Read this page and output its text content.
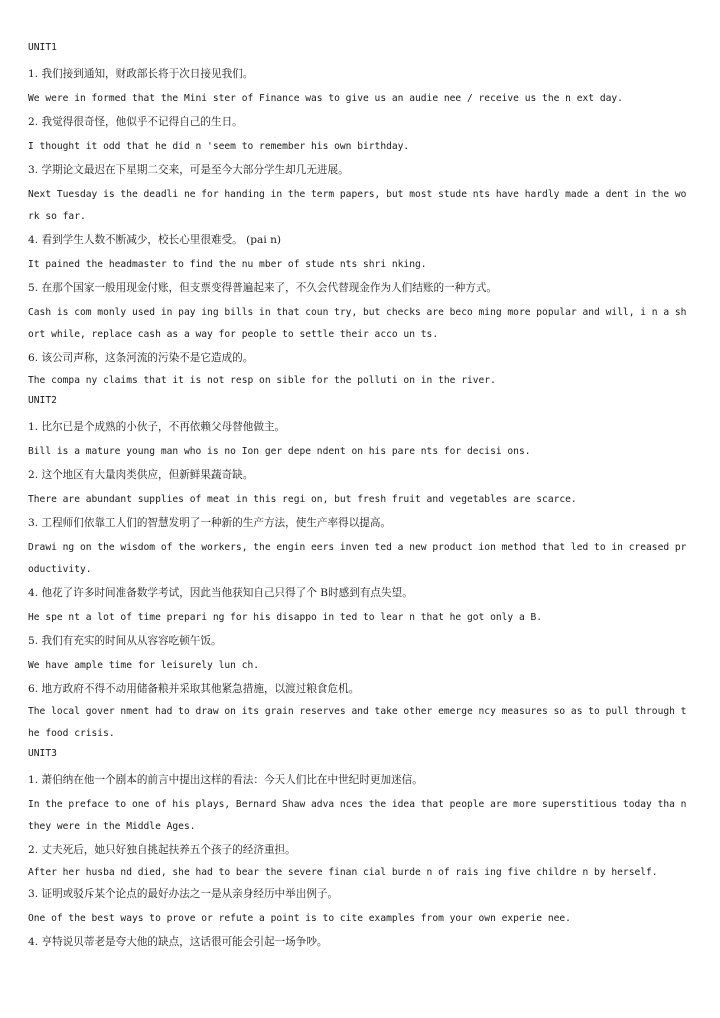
UNIT1
1. 我们接到通知，财政部长将于次日接见我们。
We were in formed that the Mini ster of Finance was to give us an audie nee / receive us the n ext day.
2. 我觉得很奇怪，他似乎不记得自己的生日。
I thought it odd that he did n 'seem to remember his own birthday.
3. 学期论文最迟在下星期二交来，可是至今大部分学生却几无进展。
Next Tuesday is the deadli ne for handing in the term papers, but most stude nts have hardly made a dent in the work so far.
4. 看到学生人数不断减少，校长心里很难受。 (pai n)
It pained the headmaster to find the nu mber of stude nts shri nking.
5. 在那个国家一般用现金付账，但支票变得普遍起来了，不久会代替现金作为人们结账的一种方式。
Cash is com monly used in pay ing bills in that coun try, but checks are beco ming more popular and will, i n a short while, replace cash as a way for people to settle their acco un ts.
6. 该公司声称，这条河流的污染不是它造成的。
The compa ny claims that it is not resp on sible for the polluti on in the river.
UNIT2
1. 比尔已是个成熟的小伙子，不再依赖父母替他做主。
Bill is a mature young man who is no Ion ger depe ndent on his pare nts for decisi ons.
2. 这个地区有大量肉类供应，但新鲜果蔬奇缺。
There are abundant supplies of meat in this regi on, but fresh fruit and vegetables are scarce.
3. 工程师们依靠工人们的智慧发明了一种新的生产方法，使生产率得以提高。
Drawi ng on the wisdom of the workers, the engin eers inven ted a new product ion method that led to in creased productivity.
4. 他花了许多时间准备数学考试，因此当他获知自己只得了个 B时感到有点失望。
He spe nt a lot of time prepari ng for his disappo in ted to lear n that he got only a B.
5. 我们有充实的时间从从容容吃顿午饭。
We have ample time for leisurely lun ch.
6. 地方政府不得不动用储备粮并采取其他紧急措施，以渡过粮食危机。
The local gover nment had to draw on its grain reserves and take other emerge ncy measures so as to pull through the food crisis.
UNIT3
1. 萧伯纳在他一个剧本的前言中提出这样的看法：今天人们比在中世纪时更加迷信。
In the preface to one of his plays, Bernard Shaw adva nces the idea that people are more superstitious today tha n they were in the Middle Ages.
2. 丈夫死后，她只好独自挑起扶养五个孩子的经济重担。
After her husba nd died, she had to bear the severe finan cial burde n of rais ing five childre n by herself.
3. 证明或驳斥某个论点的最好办法之一是从亲身经历中举出例子。
One of the best ways to prove or refute a point is to cite examples from your own experie nee.
4. 亨特说贝蒂老是夸大他的缺点，这话很可能会引起一场争吵。
